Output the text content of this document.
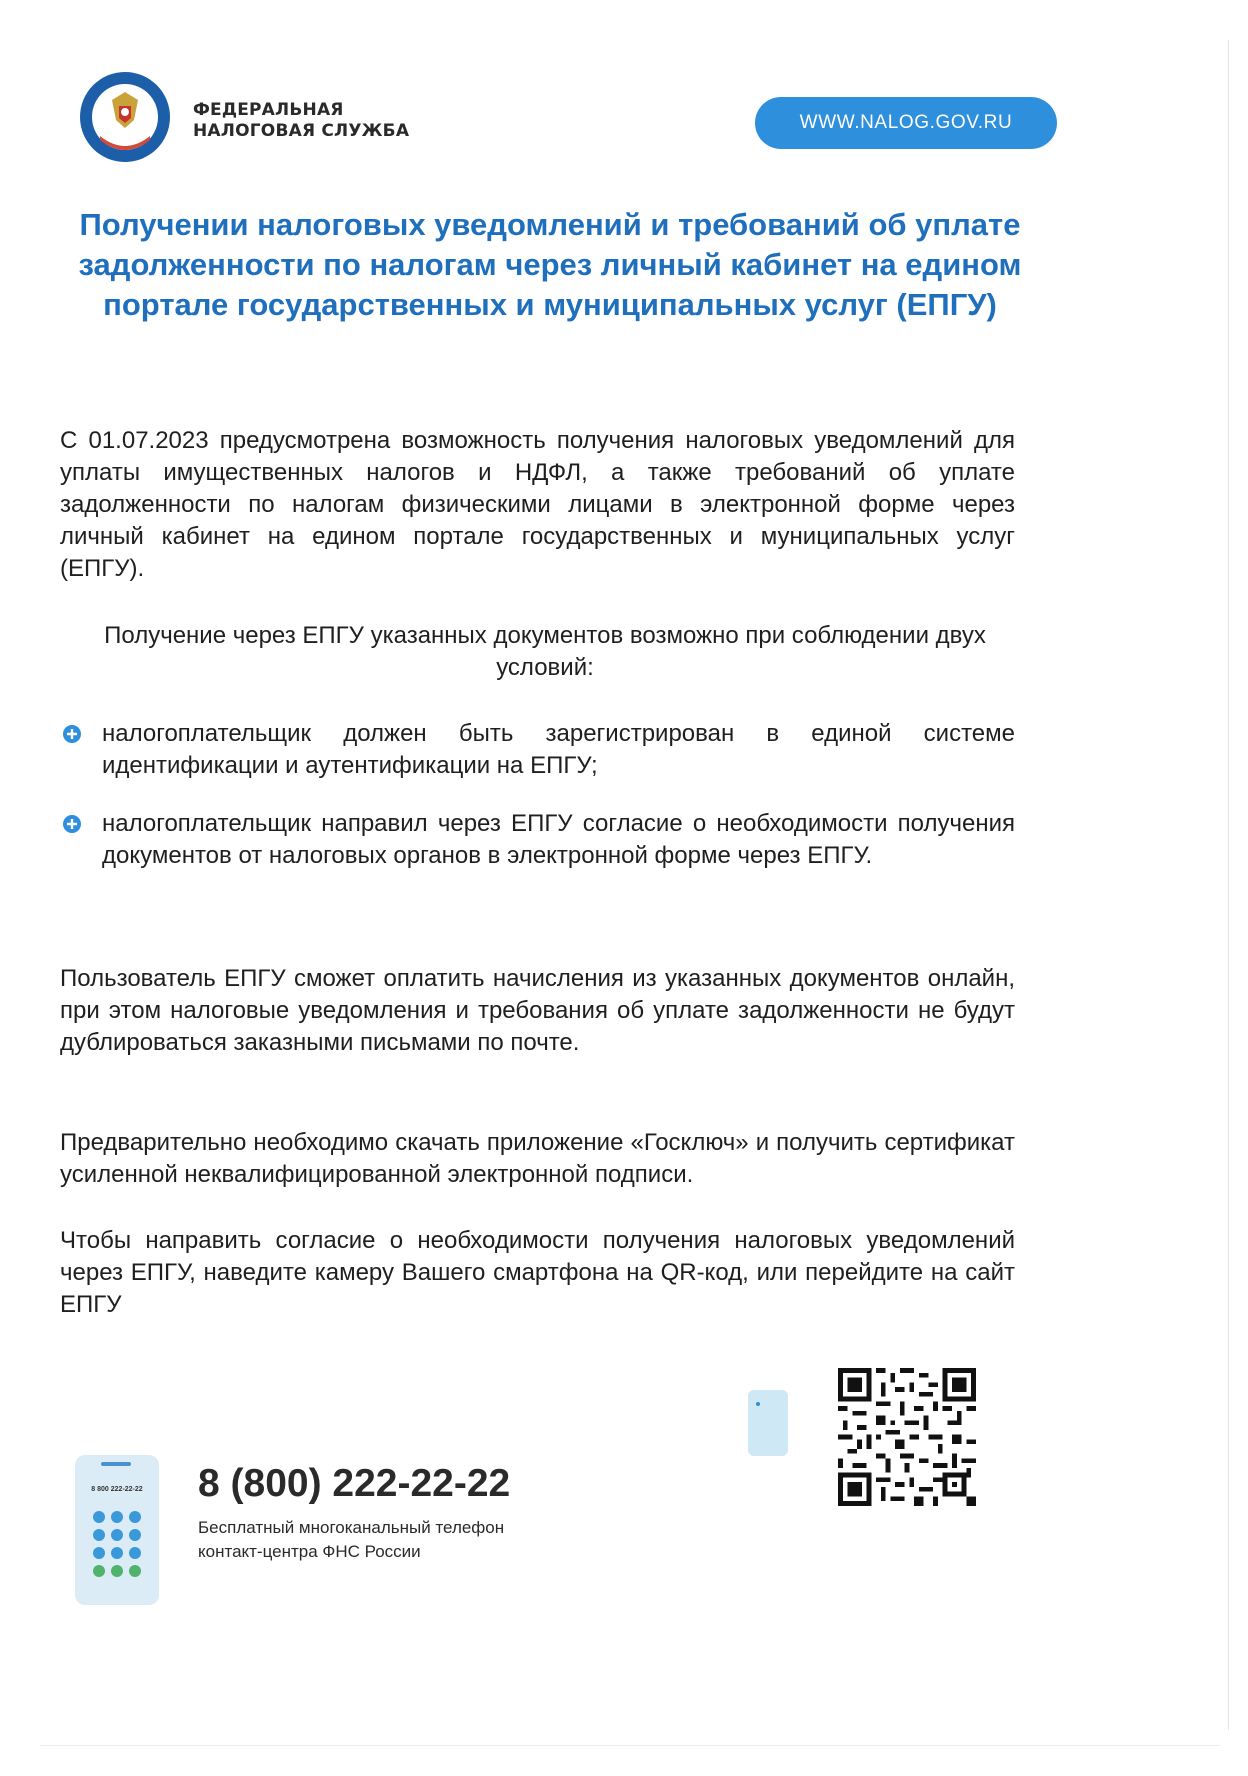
ФЕДЕРАЛЬНАЯ
НАЛОГОВАЯ СЛУЖБА	WWW.NALOG.GOV.RU
Получении налоговых уведомлений и требований об уплате задолженности по налогам через личный кабинет на едином портале государственных и муниципальных услуг (ЕПГУ)

С 01.07.2023 предусмотрена возможность получения налоговых уведомлений для уплаты имущественных налогов и НДФЛ, а также требований об уплате задолженности по налогам физическими лицами в электронной форме через личный кабинет на едином портале государственных и муниципальных услуг (ЕПГУ).

Получение через ЕПГУ указанных документов возможно при соблюдении двух условий:

налогоплательщик должен быть зарегистрирован в единой системе идентификации и аутентификации на ЕПГУ;
налогоплательщик направил через ЕПГУ согласие о необходимости получения документов от налоговых органов в электронной форме через ЕПГУ.

Пользователь ЕПГУ сможет оплатить начисления из указанных документов онлайн, при этом налоговые уведомления и требования об уплате задолженности не будут дублироваться заказными письмами по почте.

Предварительно необходимо скачать приложение «Госключ» и получить сертификат усиленной неквалифицированной электронной подписи.

Чтобы направить согласие о необходимости получения налоговых уведомлений через ЕПГУ, наведите камеру Вашего смартфона на QR-код, или перейдите на сайт ЕПГУ

8 800 222-22-22 8 (800) 222-22-22
Бесплатный многоканальный телефон
контакт-центра ФНС России
